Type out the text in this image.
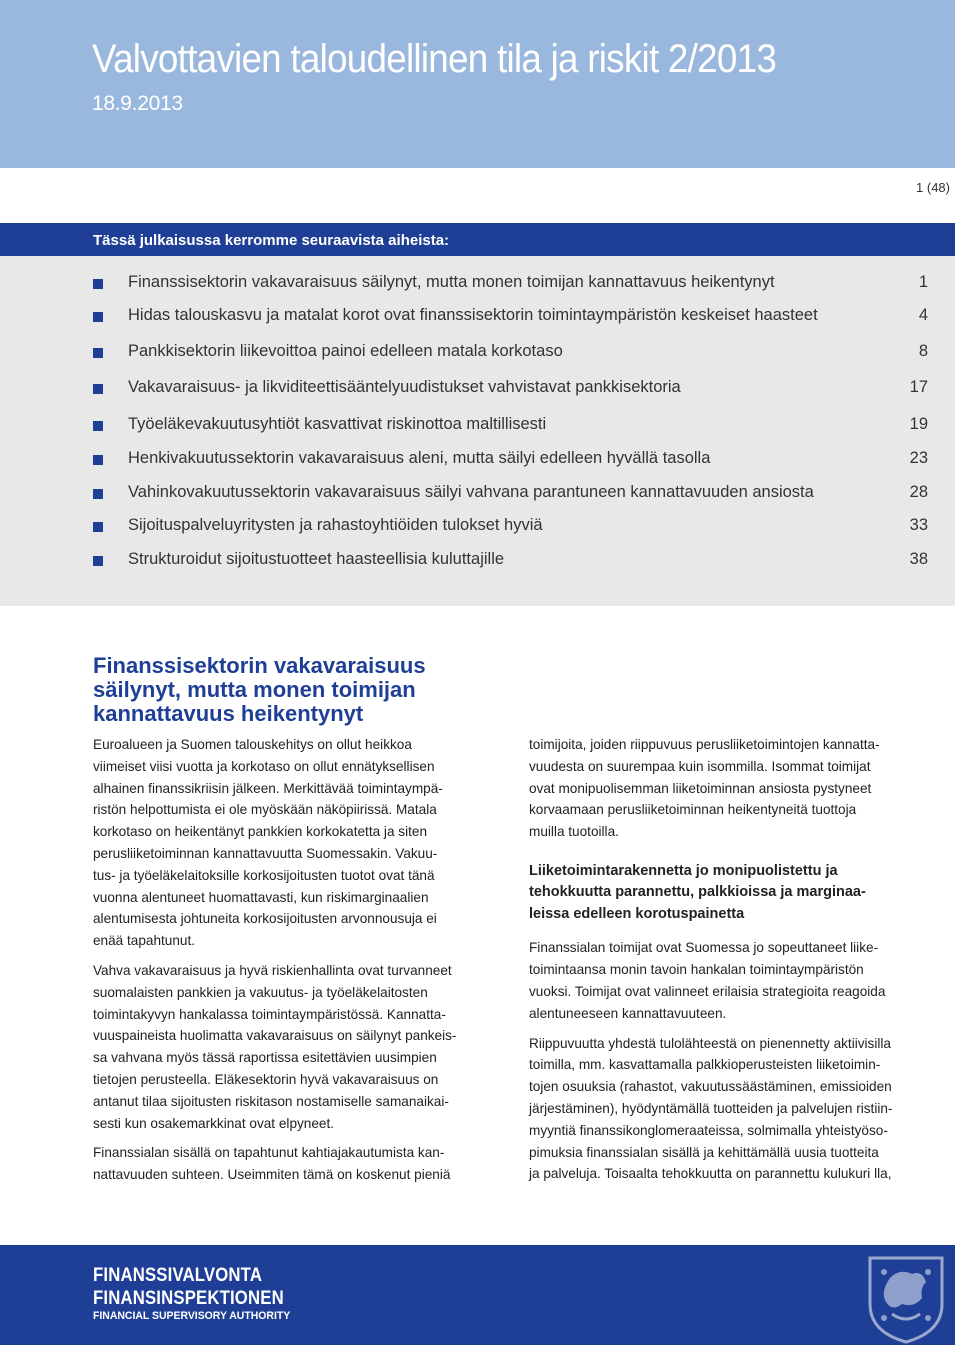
Valvottavien taloudellinen tila ja riskit 2/2013
18.9.2013
1 (48)
Tässä julkaisussa kerromme seuraavista aiheista:
Finanssisektorin vakavaraisuus säilynyt, mutta monen toimijan kannattavuus heikentynyt	1
Hidas talouskasvu ja matalat korot ovat finanssisektorin toimintaympäristön keskeiset haasteet	4
Pankkisektorin liikevoittoa painoi edelleen matala korkotaso	8
Vakavaraisuus- ja likviditeettisääntelyuudistukset vahvistavat pankkisektoria	17
Työeläkevakuutusyhtiöt kasvattivat riskinottoa maltillisesti	19
Henkivakuutussektorin vakavaraisuus aleni, mutta säilyi edelleen hyvällä tasolla	23
Vahinkovakuutussektorin vakavaraisuus säilyi vahvana parantuneen kannattavuuden ansiosta	28
Sijoituspalveluyritysten ja rahastoyhtiöiden tulokset hyviä	33
Strukturoidut sijoitustuotteet haasteellisia kuluttajille	38
Finanssisektorin vakavaraisuus säilynyt, mutta monen toimijan kannattavuus heikentynyt

Euroalueen ja Suomen talouskehitys on ollut heikkoa
viimeiset viisi vuotta ja korkotaso on ollut ennätyksellisen
alhainen finanssikriisin jälkeen. Merkittävää toimintaympä-
ristön helpottumista ei ole myöskään näköpiirissä. Matala
korkotaso on heikentänyt pankkien korkokatetta ja siten
perusliiketoiminnan kannattavuutta Suomessakin. Vakuu-
tus- ja työeläkelaitoksille korkosijoitusten tuotot ovat tänä
vuonna alentuneet huomattavasti, kun riskimarginaalien
alentumisesta johtuneita korkosijoitusten arvonnousuja ei
enää tapahtunut.

Vahva vakavaraisuus ja hyvä riskienhallinta ovat turvanneet
suomalaisten pankkien ja vakuutus- ja työeläkelaitosten
toimintakyvyn hankalassa toimintaympäristössä. Kannatta-
vuuspaineista huolimatta vakavaraisuus on säilynyt pankeis-
sa vahvana myös tässä raportissa esitettävien uusimpien
tietojen perusteella. Eläkesektorin hyvä vakavaraisuus on
antanut tilaa sijoitusten riskitason nostamiselle samanaikai-
sesti kun osakemarkkinat ovat elpyneet.

Finanssialan sisällä on tapahtunut kahtiajakautumista kan-
nattavuuden suhteen. Useimmiten tämä on koskenut pieniä

toimijoita, joiden riippuvuus perusliiketoimintojen kannatta-
vuudesta on suurempaa kuin isommilla. Isommat toimijat
ovat monipuolisemman liiketoiminnan ansiosta pystyneet
korvaamaan perusliiketoiminnan heikentyneitä tuottoja
muilla tuotoilla.

Liiketoimintarakennetta jo monipuolistettu ja
tehokkuutta parannettu, palkkioissa ja marginaa-
leissa edelleen korotuspainetta

Finanssialan toimijat ovat Suomessa jo sopeuttaneet liike-
toimintaansa monin tavoin hankalan toimintaympäristön
vuoksi. Toimijat ovat valinneet erilaisia strategioita reagoida
alentuneeseen kannattavuuteen.

Riippuvuutta yhdestä tulolähteestä on pienennetty aktiivisilla
toimilla, mm. kasvattamalla palkkioperusteisten liiketoimin-
tojen osuuksia (rahastot, vakuutussäästäminen, emissioiden
järjestäminen), hyödyntämällä tuotteiden ja palvelujen ristiin-
myyntiä finanssikonglomeraateissa, solmimalla yhteistyöso-
pimuksia finanssialan sisällä ja kehittämällä uusia tuotteita
ja palveluja. Toisaalta tehokkuutta on parannettu kulukuri lla,

FINANSSIVALVONTA
FINANSINSPEKTIONEN
FINANCIAL SUPERVISORY AUTHORITY
